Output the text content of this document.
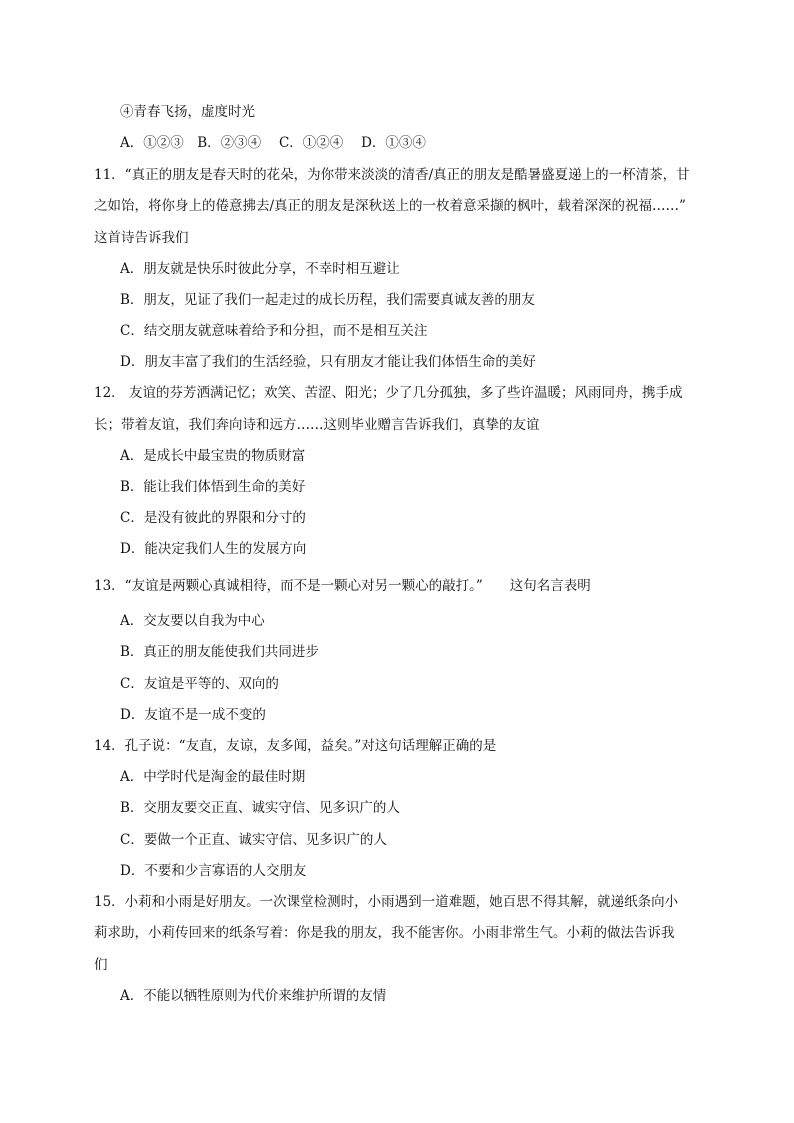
④青春飞扬，虚度时光
A．①②③　B．②③④　 C．①②④　 D．①③④
11．“真正的朋友是春天时的花朵，为你带来淡淡的清香/真正的朋友是酷暑盛夏递上的一杯清茶，甘
之如饴，将你身上的倦意拂去/真正的朋友是深秋送上的一枚着意采撷的枫叶，载着深深的祝福……”
这首诗告诉我们
A．朋友就是快乐时彼此分享，不幸时相互避让
B．朋友，见证了我们一起走过的成长历程，我们需要真诚友善的朋友
C．结交朋友就意味着给予和分担，而不是相互关注
D．朋友丰富了我们的生活经验，只有朋友才能让我们体悟生命的美好
12． 友谊的芬芳洒满记忆；欢笑、苦涩、阳光；少了几分孤独，多了些许温暖；风雨同舟，携手成
长；带着友谊，我们奔向诗和远方……这则毕业赠言告诉我们，真挚的友谊
A．是成长中最宝贵的物质财富
B．能让我们体悟到生命的美好
C．是没有彼此的界限和分寸的
D．能决定我们人生的发展方向
13．“友谊是两颗心真诚相待，而不是一颗心对另一颗心的敲打。”　　这句名言表明
A．交友要以自我为中心
B．真正的朋友能使我们共同进步
C．友谊是平等的、双向的
D．友谊不是一成不变的
14．孔子说：“友直，友谅，友多闻，益矣。”对这句话理解正确的是
A．中学时代是淘金的最佳时期
B．交朋友要交正直、诚实守信、见多识广的人
C．要做一个正直、诚实守信、见多识广的人
D．不要和少言寡语的人交朋友
15．小莉和小雨是好朋友。一次课堂检测时，小雨遇到一道难题，她百思不得其解，就递纸条向小
莉求助，小莉传回来的纸条写着：你是我的朋友，我不能害你。小雨非常生气。小莉的做法告诉我
们
A．不能以牺牲原则为代价来维护所谓的友情
